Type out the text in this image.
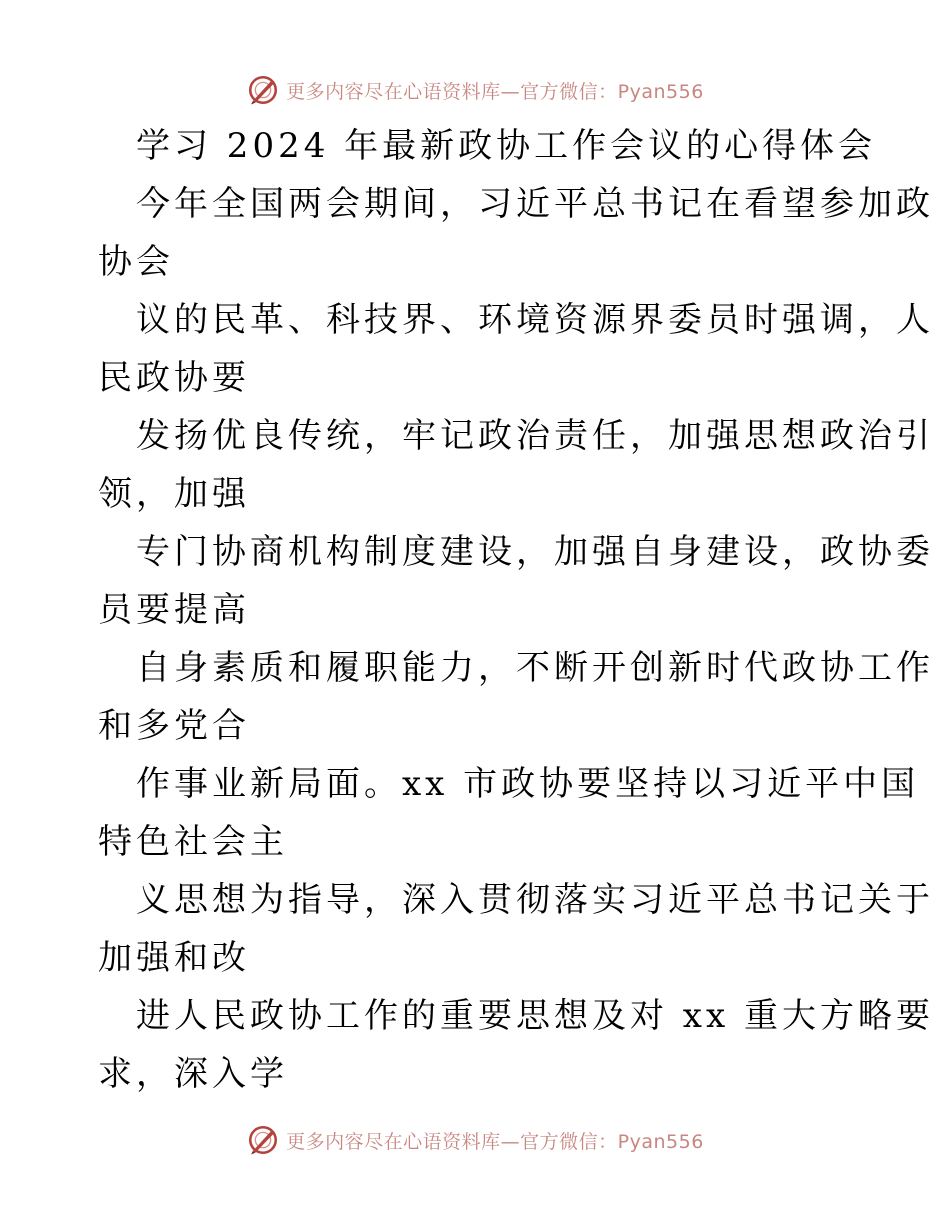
更多内容尽在心语资料库—官方微信：Pyan556
学习 2024 年最新政协工作会议的心得体会
今年全国两会期间，习近平总书记在看望参加政
协会
议的民革、科技界、环境资源界委员时强调，人
民政协要
发扬优良传统，牢记政治责任，加强思想政治引
领，加强
专门协商机构制度建设，加强自身建设，政协委
员要提高
自身素质和履职能力，不断开创新时代政协工作
和多党合
作事业新局面。xx 市政协要坚持以习近平中国
特色社会主
义思想为指导，深入贯彻落实习近平总书记关于
加强和改
进人民政协工作的重要思想及对 xx 重大方略要
求，深入学
更多内容尽在心语资料库—官方微信：Pyan556
